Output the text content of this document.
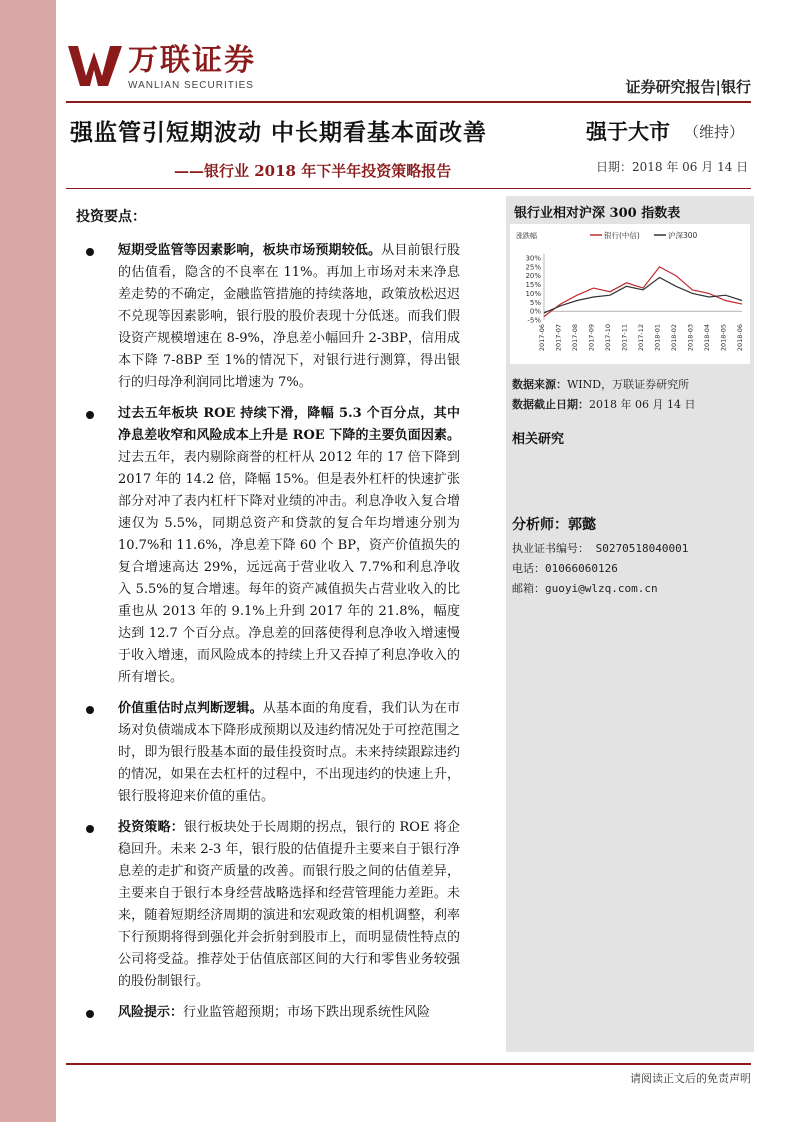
万联证券
WANLIAN SECURITIES	证券研究报告|银行
强监管引短期波动 中长期看基本面改善
——银行业 2018 年下半年投资策略报告
强于大市 （维持）
日期：2018 年 06 月 14 日
投资要点：
短期受监管等因素影响，板块市场预期较低。从目前银行股的估值看，隐含的不良率在 11%。再加上市场对未来净息差走势的不确定，金融监管措施的持续落地，政策放松迟迟不兑现等因素影响，银行股的股价表现十分低迷。而我们假设资产规模增速在 8-9%，净息差小幅回升 2-3BP，信用成本下降 7-8BP 至 1%的情况下，对银行进行测算，得出银行的归母净利润同比增速为 7%。
过去五年板块 ROE 持续下滑，降幅 5.3 个百分点，其中净息差收窄和风险成本上升是 ROE 下降的主要负面因素。过去五年，表内剔除商誉的杠杆从 2012 年的 17 倍下降到 2017 年的 14.2 倍，降幅 15%。但是表外杠杆的快速扩张部分对冲了表内杠杆下降对业绩的冲击。利息净收入复合增速仅为 5.5%，同期总资产和贷款的复合年均增速分别为 10.7%和 11.6%，净息差下降 60 个 BP，资产价值损失的复合增速高达 29%，远远高于营业收入 7.7%和利息净收入 5.5%的复合增速。每年的资产减值损失占营业收入的比重也从 2013 年的 9.1%上升到 2017 年的 21.8%，幅度达到 12.7 个百分点。净息差的回落使得利息净收入增速慢于收入增速，而风险成本的持续上升又吞掉了利息净收入的所有增长。
价值重估时点判断逻辑。从基本面的角度看，我们认为在市场对负债端成本下降形成预期以及违约情况处于可控范围之时，即为银行股基本面的最佳投资时点。未来持续跟踪违约的情况，如果在去杠杆的过程中，不出现违约的快速上升，银行股将迎来价值的重估。
投资策略：银行板块处于长周期的拐点，银行的 ROE 将企稳回升。未来 2-3 年，银行股的估值提升主要来自于银行净息差的走扩和资产质量的改善。而银行股之间的估值差异，主要来自于银行本身经营战略选择和经营管理能力差距。未来，随着短期经济周期的演进和宏观政策的相机调整，利率下行预期将得到强化并会折射到股市上，而明显债性特点的公司将受益。推荐处于估值底部区间的大行和零售业务较强的股份制银行。
风险提示：行业监管超预期；市场下跌出现系统性风险
银行业相对沪深 300 指数表
涨跌幅	银行(中信)	沪深300
30%
25%
20%
15%
10%
5%
0%
-5%
2017-06 2017-07 2017-08 2017-09 2017-10 2017-11 2017-12 2018-01 2018-02 2018-03 2018-04 2018-05 2018-06
数据来源：WIND，万联证券研究所
数据截止日期：2018 年 06 月 14 日
相关研究
分析师：郭懿
执业证书编号： S0270518040001
电话：01066060126
邮箱：guoyi@wlzq.com.cn
请阅读正文后的免责声明
